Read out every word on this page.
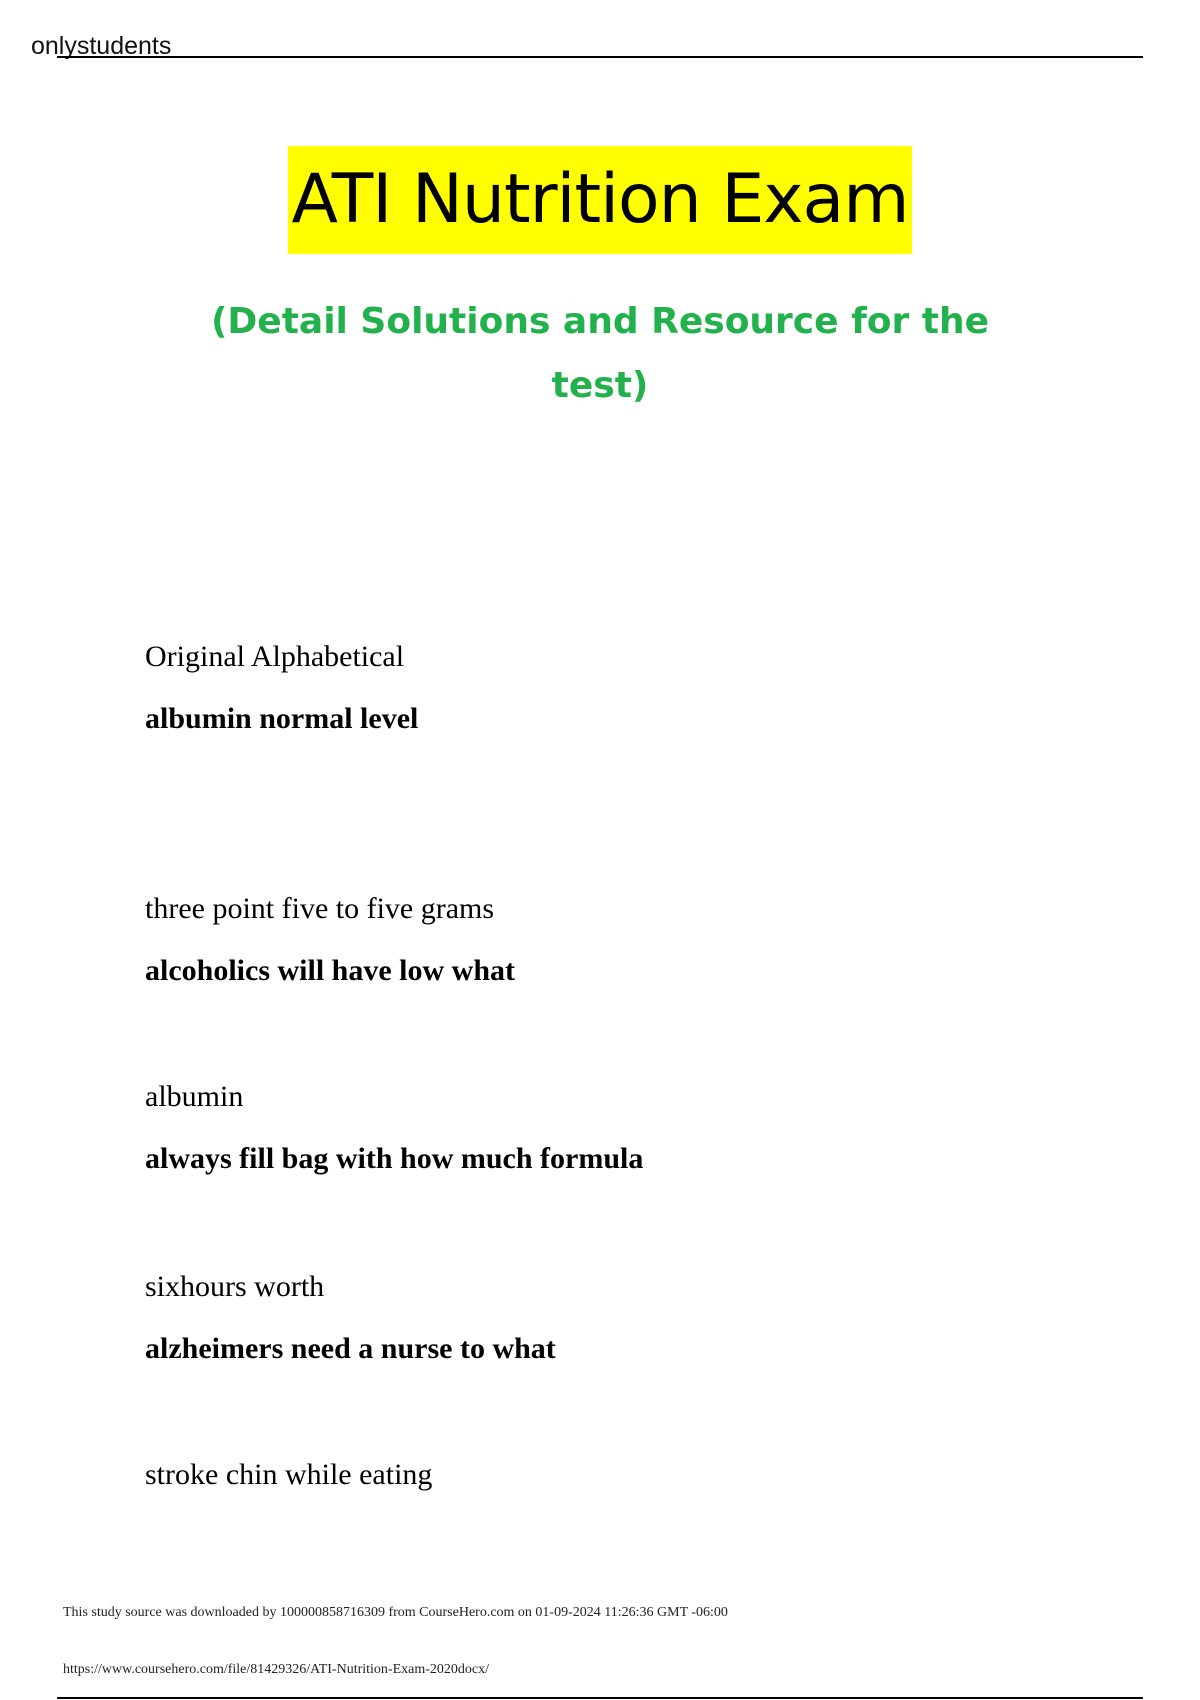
onlystudents
ATI Nutrition Exam
(Detail Solutions and Resource for the
test)
Original Alphabetical
albumin normal level
three point five to five grams
alcoholics will have low what
albumin
always fill bag with how much formula
sixhours worth
alzheimers need a nurse to what
stroke chin while eating
This study source was downloaded by 100000858716309 from CourseHero.com on 01-09-2024 11:26:36 GMT -06:00
https://www.coursehero.com/file/81429326/ATI-Nutrition-Exam-2020docx/
